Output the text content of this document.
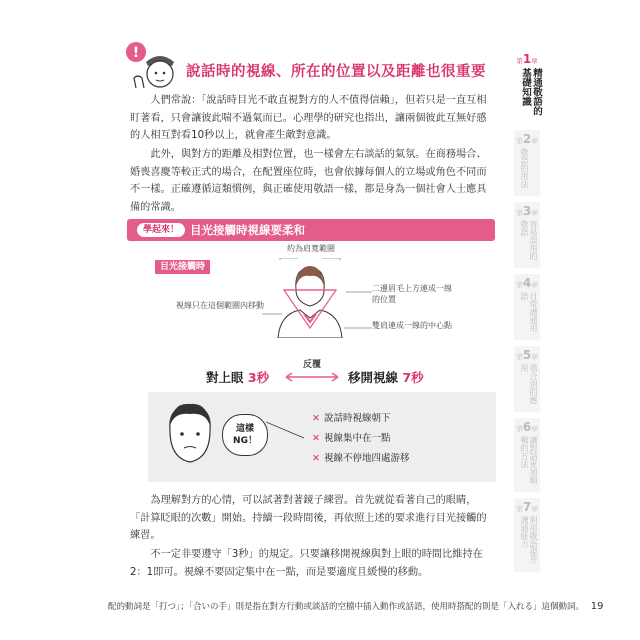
!
說話時的視線、所在的位置以及距離也很重要
人們常說：「說話時目光不敢直視對方的人不值得信賴」，但若只是一直互相盯著看，只會讓彼此喘不過氣而已。心理學的研究也指出，讓兩個彼此互無好感的人相互對看10秒以上，就會產生敵對意識。
此外，與對方的距離及相對位置，也一樣會左右談話的氣氛。在商務場合、婚喪喜慶等較正式的場合，在配置座位時，也會依據每個人的立場或角色不同而不一樣。正確遵循這類慣例，與正確使用敬語一樣，都是身為一個社會人士應具備的常識。
學起來！ 目光接觸時視線要柔和
目光接觸時
約為肩寬範圍
視線只在這個範圍內移動
二邊眉毛上方連成一線的位置
雙肩連成一線的中心點
反覆
對上眼 3秒	移開視線 7秒
這樣NG！
✕ 說話時視線朝下
✕ 視線集中在一點
✕ 視線不停地四處游移
為理解對方的心情，可以試著對著鏡子練習。首先就從看著自己的眼睛，「計算眨眼的次數」開始。持續一段時間後，再依照上述的要求進行目光接觸的練習。
不一定非要遵守「3秒」的規定。只要讓移開視線與對上眼的時間比維持在2：1即可。視線不要固定集中在一點，而是要適度且緩慢的移動。
配的動詞是「打つ」；「合いの手」則是指在對方行動或談話的空檔中插入動作或話語，使用時搭配的則是「入れる」這個動詞。 19
第1章
精通敬語的基礎知識
第2章
敬語的用法
第3章
容易誤用的敬語
第4章
日常溝通用語
第5章
場合別的應用
第6章
讓對話更加順暢的方法
第7章
利用敬語提升溝通能力
